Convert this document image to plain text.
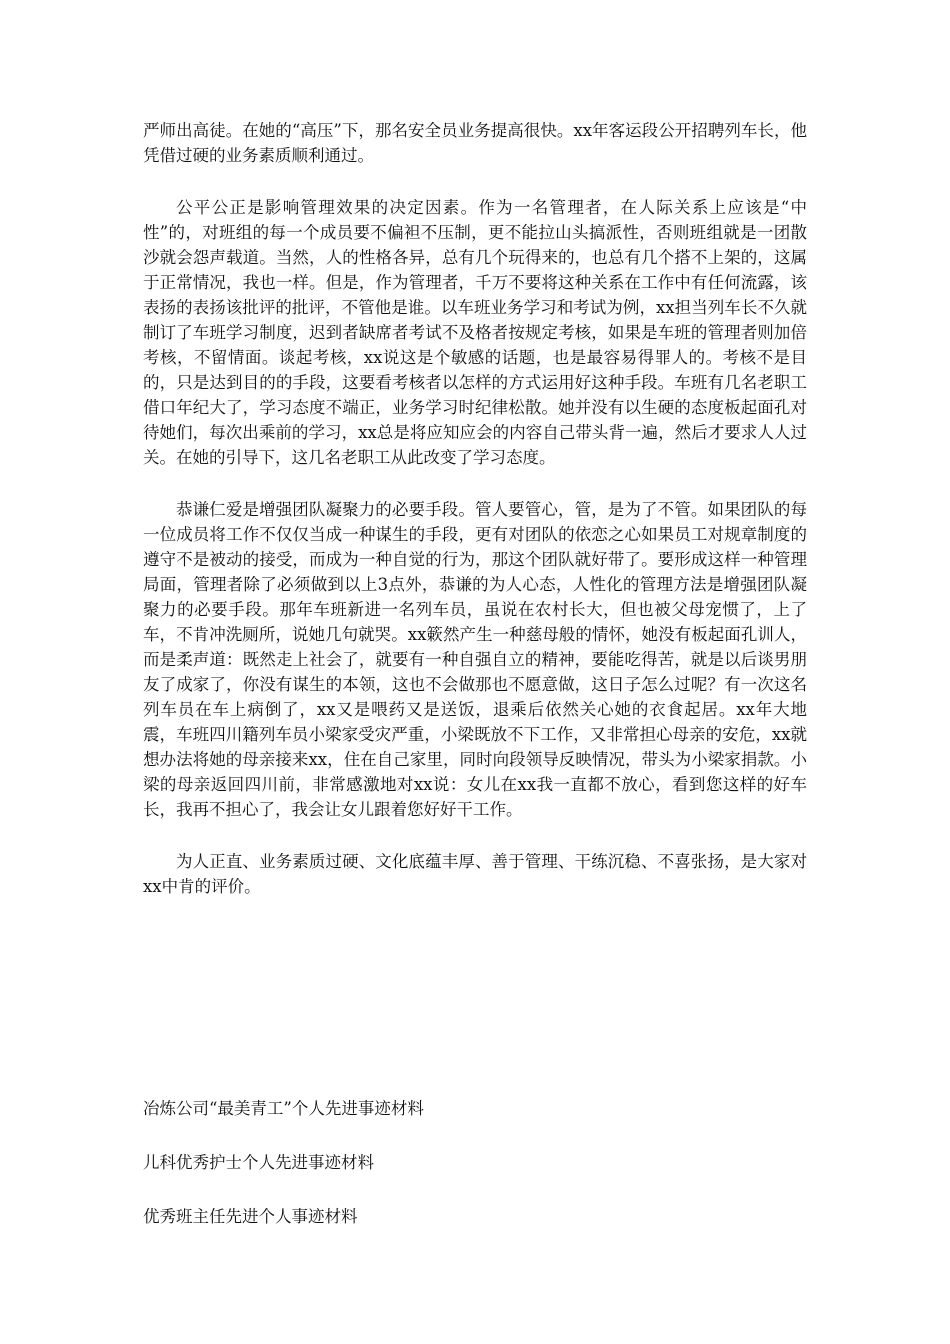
严师出高徒。在她的“高压”下，那名安全员业务提高很快。xx年客运段公开招聘列车长，他凭借过硬的业务素质顺利通过。

公平公正是影响管理效果的决定因素。作为一名管理者，在人际关系上应该是“中性”的，对班组的每一个成员要不偏袒不压制，更不能拉山头搞派性，否则班组就是一团散沙就会怨声载道。当然，人的性格各异，总有几个玩得来的，也总有几个搭不上架的，这属于正常情况，我也一样。但是，作为管理者，千万不要将这种关系在工作中有任何流露，该表扬的表扬该批评的批评，不管他是谁。以车班业务学习和考试为例，xx担当列车长不久就制订了车班学习制度，迟到者缺席者考试不及格者按规定考核，如果是车班的管理者则加倍考核，不留情面。谈起考核，xx说这是个敏感的话题，也是最容易得罪人的。考核不是目的，只是达到目的的手段，这要看考核者以怎样的方式运用好这种手段。车班有几名老职工借口年纪大了，学习态度不端正，业务学习时纪律松散。她并没有以生硬的态度板起面孔对待她们，每次出乘前的学习，xx总是将应知应会的内容自己带头背一遍，然后才要求人人过关。在她的引导下，这几名老职工从此改变了学习态度。

恭谦仁爱是增强团队凝聚力的必要手段。管人要管心，管，是为了不管。如果团队的每一位成员将工作不仅仅当成一种谋生的手段，更有对团队的依恋之心如果员工对规章制度的遵守不是被动的接受，而成为一种自觉的行为，那这个团队就好带了。要形成这样一种管理局面，管理者除了必须做到以上3点外，恭谦的为人心态，人性化的管理方法是增强团队凝聚力的必要手段。那年车班新进一名列车员，虽说在农村长大，但也被父母宠惯了，上了车，不肯冲洗厕所，说她几句就哭。xx簌然产生一种慈母般的情怀，她没有板起面孔训人，而是柔声道：既然走上社会了，就要有一种自强自立的精神，要能吃得苦，就是以后谈男朋友了成家了，你没有谋生的本领，这也不会做那也不愿意做，这日子怎么过呢？有一次这名列车员在车上病倒了，xx又是喂药又是送饭，退乘后依然关心她的衣食起居。xx年大地震，车班四川籍列车员小梁家受灾严重，小梁既放不下工作，又非常担心母亲的安危，xx就想办法将她的母亲接来xx，住在自己家里，同时向段领导反映情况，带头为小梁家捐款。小梁的母亲返回四川前，非常感激地对xx说：女儿在xx我一直都不放心，看到您这样的好车长，我再不担心了，我会让女儿跟着您好好干工作。

为人正直、业务素质过硬、文化底蕴丰厚、善于管理、干练沉稳、不喜张扬，是大家对xx中肯的评价。

冶炼公司“最美青工”个人先进事迹材料
儿科优秀护士个人先进事迹材料
优秀班主任先进个人事迹材料
